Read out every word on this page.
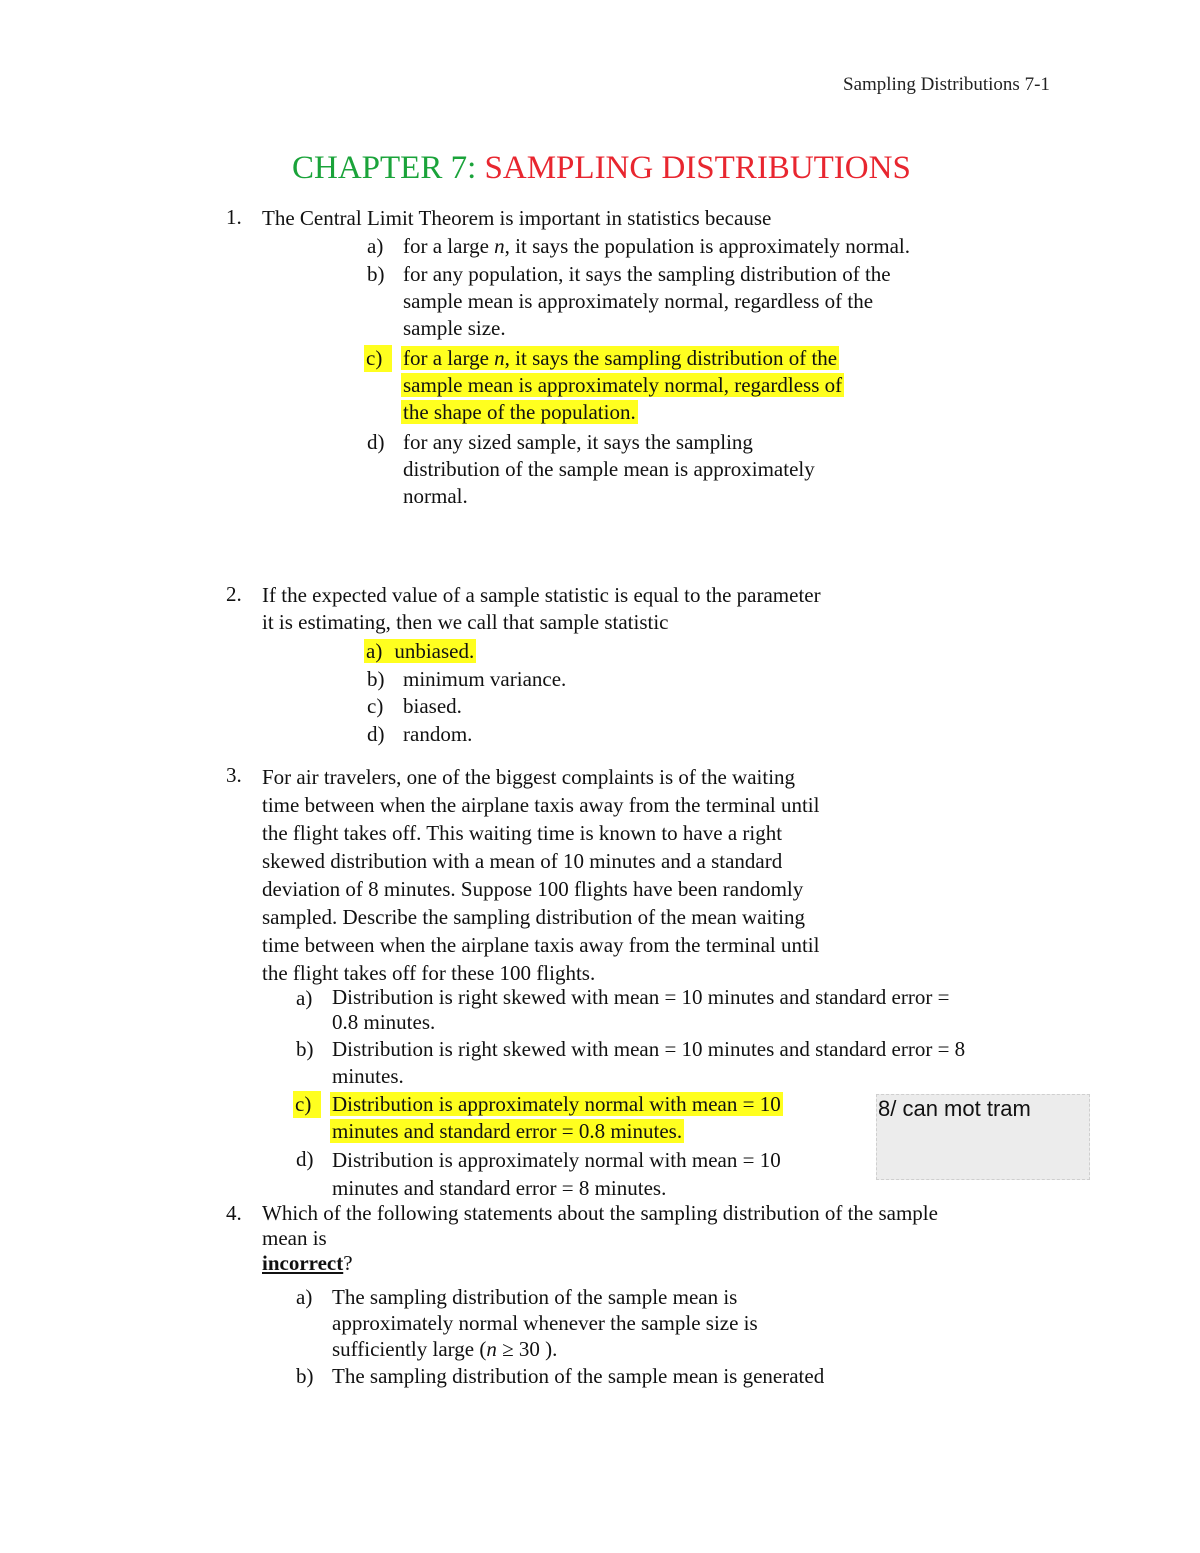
Sampling Distributions 7-1
CHAPTER 7: SAMPLING DISTRIBUTIONS
1. The Central Limit Theorem is important in statistics because
a) for a large n, it says the population is approximately normal.
b) for any population, it says the sampling distribution of the
sample mean is approximately normal, regardless of the
sample size.
c) for a large n, it says the sampling distribution of the
sample mean is approximately normal, regardless of
the shape of the population.
d) for any sized sample, it says the sampling
distribution of the sample mean is approximately
normal.
2. If the expected value of a sample statistic is equal to the parameter
it is estimating, then we call that sample statistic
a) unbiased.
b) minimum variance.
c) biased.
d) random.
3. For air travelers, one of the biggest complaints is of the waiting
time between when the airplane taxis away from the terminal until
the flight takes off. This waiting time is known to have a right
skewed distribution with a mean of 10 minutes and a standard
deviation of 8 minutes. Suppose 100 flights have been randomly
sampled. Describe the sampling distribution of the mean waiting
time between when the airplane taxis away from the terminal until
the flight takes off for these 100 flights.
a) Distribution is right skewed with mean = 10 minutes and standard error =
0.8 minutes.
b) Distribution is right skewed with mean = 10 minutes and standard error = 8
minutes.
c) Distribution is approximately normal with mean = 10
minutes and standard error = 0.8 minutes.
d) Distribution is approximately normal with mean = 10
minutes and standard error = 8 minutes.
8/ can mot tram
4. Which of the following statements about the sampling distribution of the sample
mean is
incorrect?
a) The sampling distribution of the sample mean is
approximately normal whenever the sample size is
sufficiently large (n ≥ 30 ).
b) The sampling distribution of the sample mean is generated
